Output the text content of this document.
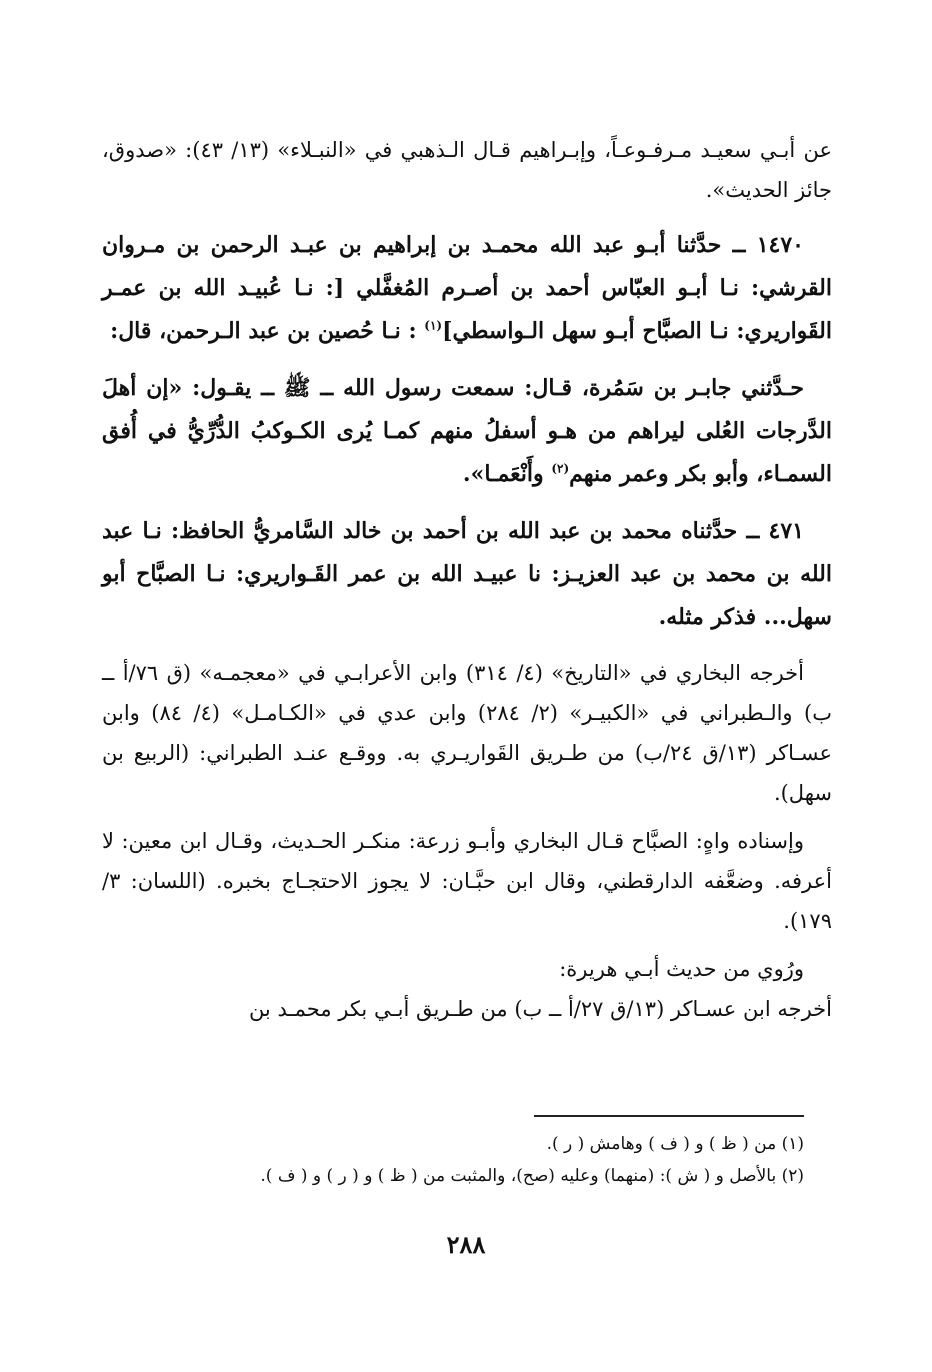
عن أبـي سعيـد مـرفـوعـاً، وإبـراهيم قـال الـذهبي في «النبـلاء» (١٣/ ٤٣): «صدوق، جائز الحديث».

١٤٧٠ ــ حدَّثنا أبـو عبد الله محمـد بن إبراهيم بن عبـد الرحمن بن مـروان القرشي: نـا أبـو العبّاس أحمد بن أصـرم المُغفَّلي [: نـا عُبيـد الله بن عمـر القَواريري: نـا الصبَّاح أبـو سهل الـواسطي]$^{(١)}$ : نـا حُصين بن عبد الـرحمن، قال:

حـدَّثني جابـر بن سَمُرة، قـال: سمعت رسول الله ــ ﷺ ــ يقـول: «إن أهلَ الدَّرجات العُلى ليراهم من هـو أسفلُ منهم كمـا يُرى الكـوكبُ الدُّرِّيُّ في أُفق السمـاء، وأبو بكر وعمر منهم$^{(٢)}$ وأَنْعَمـا».

٤٧١ ــ حدَّثناه محمد بن عبد الله بن أحمد بن خالد السَّامريُّ الحافظ: نـا عبد الله بن محمد بن عبد العزيـز: نا عبيـد الله بن عمر القَـواريري: نـا الصبَّاح أبو سهل... فذكر مثله.

أخرجه البخاري في «التاريخ» (٤/ ٣١٤) وابن الأعرابـي في «معجمـه» (ق ٧٦/أ ــ ب) والـطبراني في «الكبيـر» (٢/ ٢٨٤) وابن عدي في «الكـامـل» (٤/ ٨٤) وابن عسـاكر (١٣/ق ٢٤/ب) من طـريق القَواريـري به. ووقـع عنـد الطبراني: (الربيع بن سهل).

وإسناده واهٍ: الصبَّاح قـال البخاري وأبـو زرعة: منكـر الحـديث، وقـال ابن معين: لا أعرفه. وضعَّفه الدارقطني، وقال ابن حبَّـان: لا يجوز الاحتجـاج بخبره. (اللسان: ٣/ ١٧٩).

ورُوي من حديث أبـي هريرة:

أخرجه ابن عسـاكر (١٣/ق ٢٧/أ ــ ب) من طـريق أبـي بكر محمـد بن

(١) من ( ظ ) و ( ف ) وهامش ( ر ).

(٢) بالأصل و ( ش ): (منهما) وعليه (صح)، والمثبت من ( ظ ) و ( ر ) و ( ف ).

٢٨٨
